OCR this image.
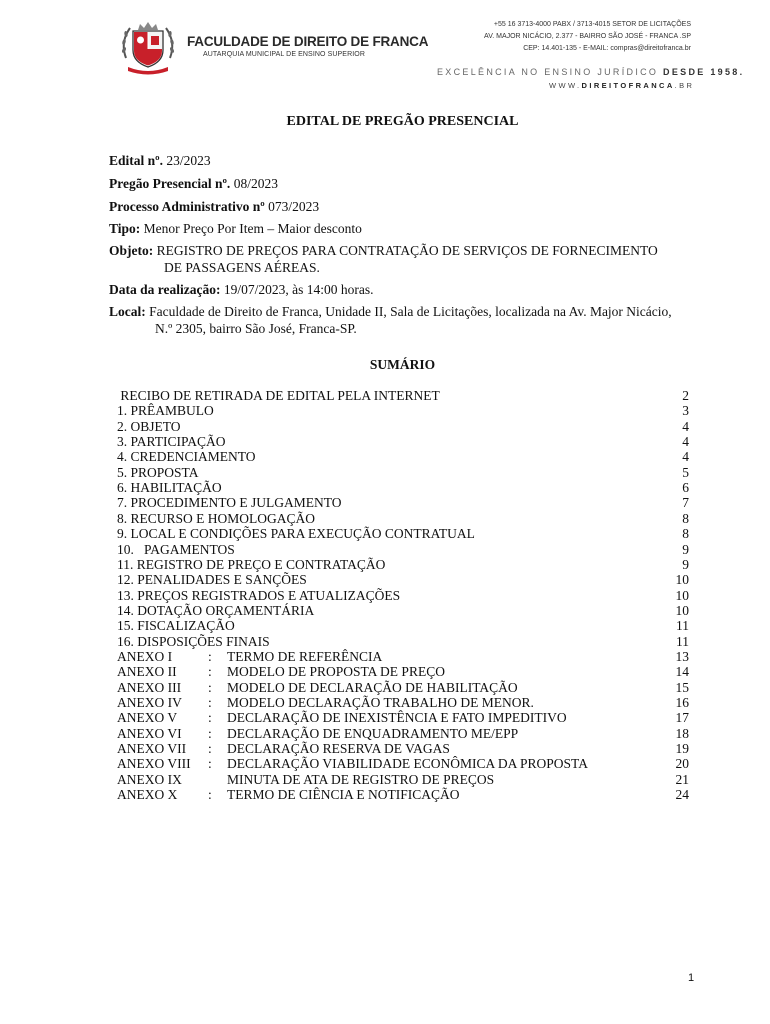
FACULDADE DE DIREITO DE FRANCA
AUTARQUIA MUNICIPAL DE ENSINO SUPERIOR
+55 16 3713-4000 PABX / 3713-4015 SETOR DE LICITAÇÕES
AV. MAJOR NICÁCIO, 2.377 - BAIRRO SÃO JOSÉ - FRANCA .SP
CEP: 14.401-135 - E-MAIL: compras@direitofranca.br
EXCELÊNCIA NO ENSINO JURÍDICO DESDE 1958.
WWW.DIREITOFRANCA.BR
EDITAL DE PREGÃO PRESENCIAL
Edital nº. 23/2023
Pregão Presencial nº. 08/2023
Processo Administrativo nº 073/2023
Tipo: Menor Preço Por Item – Maior desconto
Objeto: REGISTRO DE PREÇOS PARA CONTRATAÇÃO DE SERVIÇOS DE FORNECIMENTO
DE PASSAGENS AÉREAS.
Data da realização: 19/07/2023, às 14:00 horas.
Local: Faculdade de Direito de Franca, Unidade II, Sala de Licitações, localizada na Av. Major Nicácio,
N.º 2305, bairro São José, Franca-SP.
SUMÁRIO
RECIBO DE RETIRADA DE EDITAL PELA INTERNET	2
1. PRÊAMBULO	3
2. OBJETO	4
3. PARTICIPAÇÃO	4
4. CREDENCIAMENTO	4
5. PROPOSTA	5
6. HABILITAÇÃO	6
7. PROCEDIMENTO E JULGAMENTO	7
8. RECURSO E HOMOLOGAÇÃO	8
9. LOCAL E CONDIÇÕES PARA EXECUÇÃO CONTRATUAL	8
10.   PAGAMENTOS	9
11. REGISTRO DE PREÇO E CONTRATAÇÃO	9
12. PENALIDADES E SANÇÕES	10
13. PREÇOS REGISTRADOS E ATUALIZAÇÕES	10
14. DOTAÇÃO ORÇAMENTÁRIA	10
15. FISCALIZAÇÃO	11
16. DISPOSIÇÕES FINAIS	11
ANEXO I	: TERMO DE REFERÊNCIA	13
ANEXO II : MODELO DE PROPOSTA DE PREÇO	14
ANEXO III : MODELO DE DECLARAÇÃO DE HABILITAÇÃO	15
ANEXO IV : MODELO DECLARAÇÃO TRABALHO DE MENOR.	16
ANEXO V : DECLARAÇÃO DE INEXISTÊNCIA E FATO IMPEDITIVO	17
ANEXO VI : DECLARAÇÃO DE ENQUADRAMENTO ME/EPP	18
ANEXO VII : DECLARAÇÃO RESERVA DE VAGAS	19
ANEXO VIII : DECLARAÇÃO VIABILIDADE ECONÔMICA DA PROPOSTA	20
ANEXO IX	MINUTA DE ATA DE REGISTRO DE PREÇOS	21
ANEXO X : TERMO DE CIÊNCIA E NOTIFICAÇÃO	24
1
